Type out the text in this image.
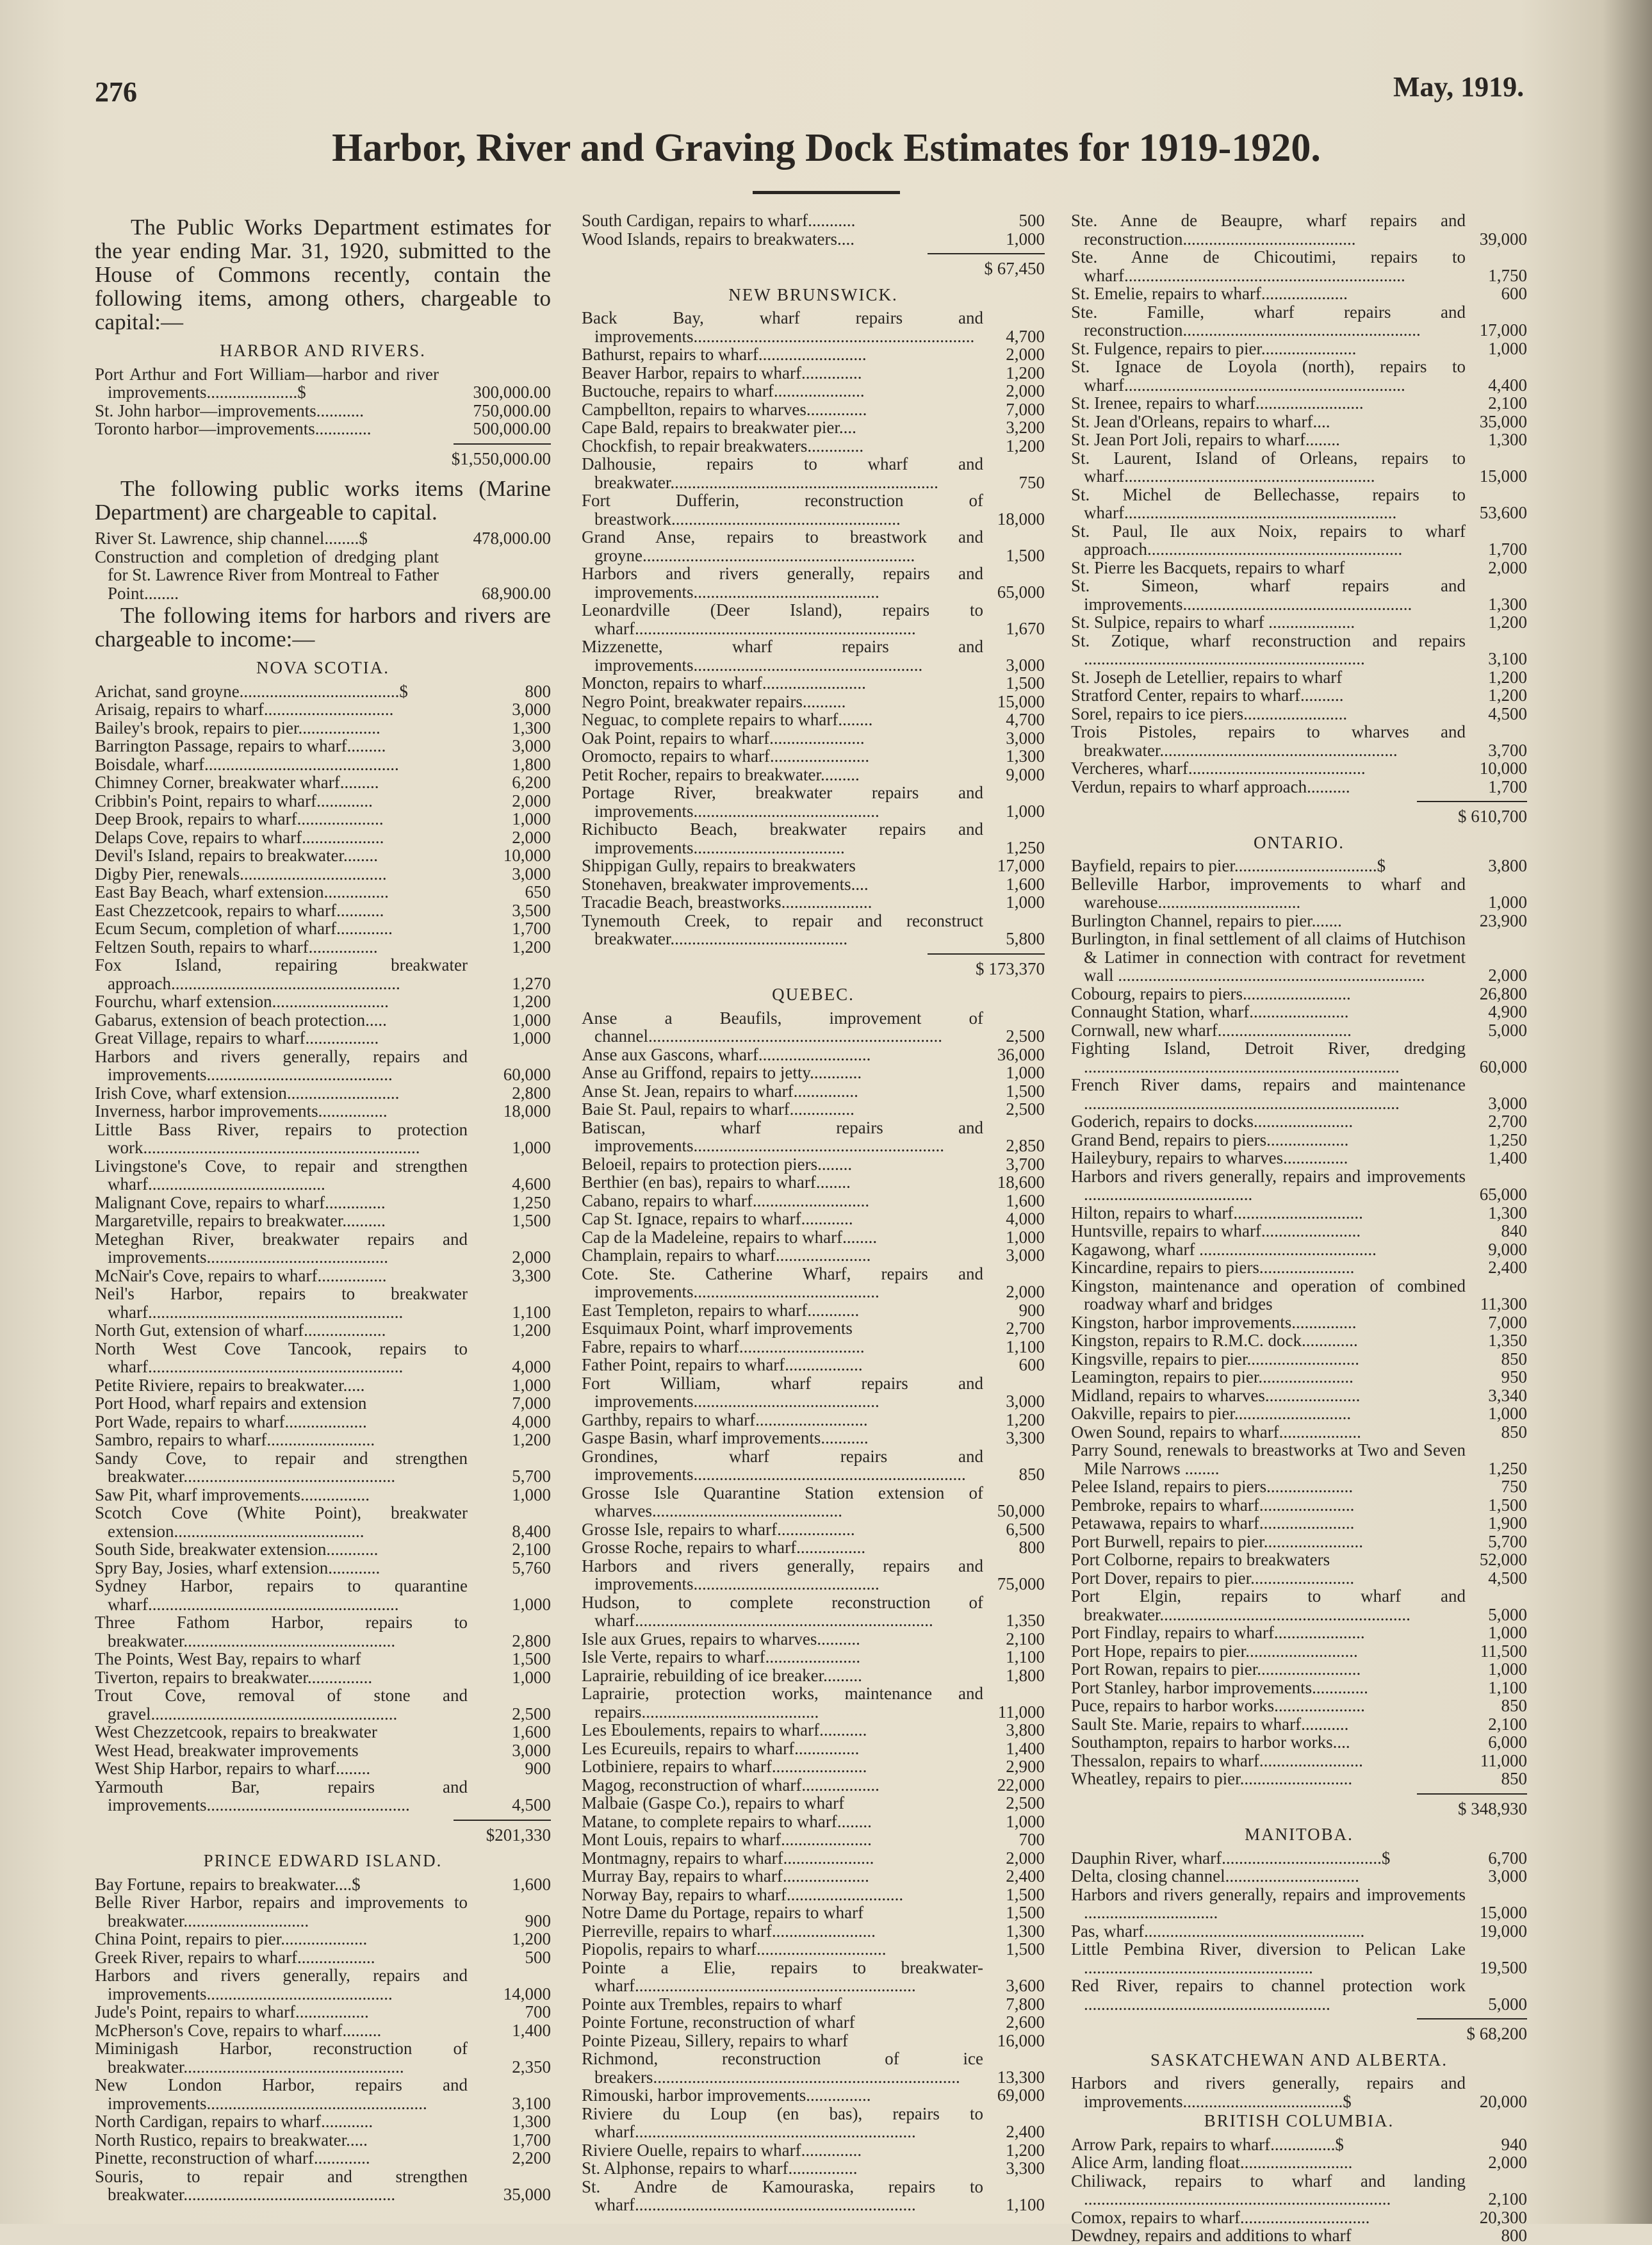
276	May, 1919.
Harbor, River and Graving Dock Estimates for 1919-1920.
The Public Works Department estimates for the year ending Mar. 31, 1920, submitted to the House of Commons recently, contain the following items, among others, chargeable to capital:—
HARBOR AND RIVERS.
Port Arthur and Fort William—harbor and river improvements.....................$	300,000.00
St. John harbor—improvements...........	750,000.00
Toronto harbor—improvements.............	500,000.00
$1,550,000.00
The following public works items (Marine Department) are chargeable to capital.
River St. Lawrence, ship channel........$	478,000.00
Construction and completion of dredging plant for St. Lawrence River from Montreal to Father Point........	68,900.00
The following items for harbors and rivers are chargeable to income:—
NOVA SCOTIA.
Arichat, sand groyne.....................................$	800
Arisaig, repairs to wharf..............................	3,000
Bailey's brook, repairs to pier...................	1,300
Barrington Passage, repairs to wharf.........	3,000
Boisdale, wharf.............................................	1,800
Chimney Corner, breakwater wharf.........	6,200
Cribbin's Point, repairs to wharf.............	2,000
Deep Brook, repairs to wharf....................	1,000
Delaps Cove, repairs to wharf...................	2,000
Devil's Island, repairs to breakwater........	10,000
Digby Pier, renewals..................................	3,000
East Bay Beach, wharf extension...............	650
East Chezzetcook, repairs to wharf...........	3,500
Ecum Secum, completion of wharf.............	1,700
Feltzen South, repairs to wharf................	1,200
Fox Island, repairing breakwater approach.....................................................	1,270
Fourchu, wharf extension...........................	1,200
Gabarus, extension of beach protection.....	1,000
Great Village, repairs to wharf.................	1,000
Harbors and rivers generally, repairs and improvements...........................................	60,000
Irish Cove, wharf extension..........................	2,800
Inverness, harbor improvements................	18,000
Little Bass River, repairs to protection work................................................................	1,000
Livingstone's Cove, to repair and strengthen wharf.........................................	4,600
Malignant Cove, repairs to wharf..............	1,250
Margaretville, repairs to breakwater..........	1,500
Meteghan River, breakwater repairs and improvements..........................................	2,000
McNair's Cove, repairs to wharf................	3,300
Neil's Harbor, repairs to breakwater wharf...........................................................	1,100
North Gut, extension of wharf...................	1,200
North West Cove Tancook, repairs to wharf...........................................................	4,000
Petite Riviere, repairs to breakwater.....	1,000
Port Hood, wharf repairs and extension	7,000
Port Wade, repairs to wharf...................	4,000
Sambro, repairs to wharf.........................	1,200
Sandy Cove, to repair and strengthen breakwater.................................................	5,700
Saw Pit, wharf improvements................	1,000
Scotch Cove (White Point), breakwater extension............................................	8,400
South Side, breakwater extension............	2,100
Spry Bay, Josies, wharf extension............	5,760
Sydney Harbor, repairs to quarantine wharf..........................................................	1,000
Three Fathom Harbor, repairs to breakwater.................................................	2,800
The Points, West Bay, repairs to wharf	1,500
Tiverton, repairs to breakwater...............	1,000
Trout Cove, removal of stone and gravel.........................................................	2,500
West Chezzetcook, repairs to breakwater	1,600
West Head, breakwater improvements	3,000
West Ship Harbor, repairs to wharf........	900
Yarmouth Bar, repairs and improvements...............................................	4,500
$201,330
PRINCE EDWARD ISLAND.
Bay Fortune, repairs to breakwater....$	1,600
Belle River Harbor, repairs and improvements to breakwater.............................	900
China Point, repairs to pier....................	1,200
Greek River, repairs to wharf..................	500
Harbors and rivers generally, repairs and improvements...........................................	14,000
Jude's Point, repairs to wharf.................	700
McPherson's Cove, repairs to wharf.........	1,400
Miminigash Harbor, reconstruction of breakwater...................................................	2,350
New London Harbor, repairs and improvements...................................................	3,100
North Cardigan, repairs to wharf............	1,300
North Rustico, repairs to breakwater.....	1,700
Pinette, reconstruction of wharf.............	2,200
Souris, to repair and strengthen breakwater.................................................	35,000
South Cardigan, repairs to wharf...........	500
Wood Islands, repairs to breakwaters....	1,000
$ 67,450
NEW BRUNSWICK.
Back Bay, wharf repairs and improvements.................................................................	4,700
Bathurst, repairs to wharf.........................	2,000
Beaver Harbor, repairs to wharf..............	1,200
Buctouche, repairs to wharf.....................	2,000
Campbellton, repairs to wharves..............	7,000
Cape Bald, repairs to breakwater pier....	3,200
Chockfish, to repair breakwaters.............	1,200
Dalhousie, repairs to wharf and breakwater..............................................................	750
Fort Dufferin, reconstruction of breastwork.....................................................	18,000
Grand Anse, repairs to breastwork and groyne...............................................................	1,500
Harbors and rivers generally, repairs and improvements...........................................	65,000
Leonardville (Deer Island), repairs to wharf.................................................................	1,670
Mizzenette, wharf repairs and improvements.....................................................	3,000
Moncton, repairs to wharf........................	1,500
Negro Point, breakwater repairs..........	15,000
Neguac, to complete repairs to wharf........	4,700
Oak Point, repairs to wharf......................	3,000
Oromocto, repairs to wharf.......................	1,300
Petit Rocher, repairs to breakwater.........	9,000
Portage River, breakwater repairs and improvements...........................................	1,000
Richibucto Beach, breakwater repairs and improvements...................................	1,250
Shippigan Gully, repairs to breakwaters	17,000
Stonehaven, breakwater improvements....	1,600
Tracadie Beach, breastworks.....................	1,000
Tynemouth Creek, to repair and reconstruct breakwater.........................................	5,800
$ 173,370
QUEBEC.
Anse a Beaufils, improvement of channel....................................................................	2,500
Anse aux Gascons, wharf..........................	36,000
Anse au Griffond, repairs to jetty............	1,000
Anse St. Jean, repairs to wharf...............	1,500
Baie St. Paul, repairs to wharf...............	2,500
Batiscan, wharf repairs and improvements..........................................................	2,850
Beloeil, repairs to protection piers........	3,700
Berthier (en bas), repairs to wharf........	18,600
Cabano, repairs to wharf...........................	1,600
Cap St. Ignace, repairs to wharf............	4,000
Cap de la Madeleine, repairs to wharf........	1,000
Champlain, repairs to wharf......................	3,000
Cote. Ste. Catherine Wharf, repairs and improvements...........................................	2,000
East Templeton, repairs to wharf............	900
Esquimaux Point, wharf improvements	2,700
Fabre, repairs to wharf.............................	1,100
Father Point, repairs to wharf..................	600
Fort William, wharf repairs and improvements...........................................	3,000
Garthby, repairs to wharf..........................	1,200
Gaspe Basin, wharf improvements...........	3,300
Grondines, wharf repairs and improvements...............................................................	850
Grosse Isle Quarantine Station extension of wharves............................................	50,000
Grosse Isle, repairs to wharf..................	6,500
Grosse Roche, repairs to wharf................	800
Harbors and rivers generally, repairs and improvements...........................................	75,000
Hudson, to complete reconstruction of wharf.....................................................................	1,350
Isle aux Grues, repairs to wharves..........	2,100
Isle Verte, repairs to wharf......................	1,100
Laprairie, rebuilding of ice breaker.........	1,800
Laprairie, protection works, maintenance and repairs.........................................	11,000
Les Eboulements, repairs to wharf...........	3,800
Les Ecureuils, repairs to wharf...............	1,400
Lotbiniere, repairs to wharf......................	2,900
Magog, reconstruction of wharf..................	22,000
Malbaie (Gaspe Co.), repairs to wharf	2,500
Matane, to complete repairs to wharf........	1,000
Mont Louis, repairs to wharf.....................	700
Montmagny, repairs to wharf.....................	2,000
Murray Bay, repairs to wharf....................	2,400
Norway Bay, repairs to wharf...........................	1,500
Notre Dame du Portage, repairs to wharf	1,500
Pierreville, repairs to wharf........................	1,300
Piopolis, repairs to wharf..............................	1,500
Pointe a Elie, repairs to breakwater-wharf.................................................................	3,600
Pointe aux Trembles, repairs to wharf	7,800
Pointe Fortune, reconstruction of wharf	2,600
Pointe Pizeau, Sillery, repairs to wharf	16,000
Richmond, reconstruction of ice breakers.......................................................................	13,300
Rimouski, harbor improvements...............	69,000
Riviere du Loup (en bas), repairs to wharf.................................................................	2,400
Riviere Ouelle, repairs to wharf..............	1,200
St. Alphonse, repairs to wharf................	3,300
St. Andre de Kamouraska, repairs to wharf.................................................................	1,100
Ste. Anne de Beaupre, wharf repairs and reconstruction........................................	39,000
Ste. Anne de Chicoutimi, repairs to wharf.................................................................	1,750
St. Emelie, repairs to wharf....................	600
Ste. Famille, wharf repairs and reconstruction.......................................................	17,000
St. Fulgence, repairs to pier......................	1,000
St. Ignace de Loyola (north), repairs to wharf.................................................................	4,400
St. Irenee, repairs to wharf.........................	2,100
St. Jean d'Orleans, repairs to wharf....	35,000
St. Jean Port Joli, repairs to wharf........	1,300
St. Laurent, Island of Orleans, repairs to wharf..........................................................	15,000
St. Michel de Bellechasse, repairs to wharf...............................................................	53,600
St. Paul, Ile aux Noix, repairs to wharf approach...........................................................	1,700
St. Pierre les Bacquets, repairs to wharf	2,000
St. Simeon, wharf repairs and improvements.....................................................	1,300
St. Sulpice, repairs to wharf ....................	1,200
St. Zotique, wharf reconstruction and repairs .................................................................	3,100
St. Joseph de Letellier, repairs to wharf	1,200
Stratford Center, repairs to wharf..........	1,200
Sorel, repairs to ice piers........................	4,500
Trois Pistoles, repairs to wharves and breakwater.......................................................	3,700
Vercheres, wharf.........................................	10,000
Verdun, repairs to wharf approach..........	1,700
$ 610,700
ONTARIO.
Bayfield, repairs to pier.................................$	3,800
Belleville Harbor, improvements to wharf and warehouse.................................	1,000
Burlington Channel, repairs to pier.......	23,900
Burlington, in final settlement of all claims of Hutchison & Latimer in connection with contract for revetment wall .......................................................................	2,000
Cobourg, repairs to piers.........................	26,800
Connaught Station, wharf.......................	4,900
Cornwall, new wharf...............................	5,000
Fighting Island, Detroit River, dredging .........................................................................	60,000
French River dams, repairs and maintenance .........................................................................	3,000
Goderich, repairs to docks.......................	2,700
Grand Bend, repairs to piers...................	1,250
Haileybury, repairs to wharves...............	1,400
Harbors and rivers generally, repairs and improvements .......................................	65,000
Hilton, repairs to wharf..............................	1,300
Huntsville, repairs to wharf.......................	840
Kagawong, wharf .........................................	9,000
Kincardine, repairs to piers......................	2,400
Kingston, maintenance and operation of combined roadway wharf and bridges	11,300
Kingston, harbor improvements...............	7,000
Kingston, repairs to R.M.C. dock.............	1,350
Kingsville, repairs to pier..........................	850
Leamington, repairs to pier......................	950
Midland, repairs to wharves......................	3,340
Oakville, repairs to pier...........................	1,000
Owen Sound, repairs to wharf...................	850
Parry Sound, renewals to breastworks at Two and Seven Mile Narrows ........	1,250
Pelee Island, repairs to piers....................	750
Pembroke, repairs to wharf......................	1,500
Petawawa, repairs to wharf......................	1,900
Port Burwell, repairs to pier.......................	5,700
Port Colborne, repairs to breakwaters	52,000
Port Dover, repairs to pier........................	4,500
Port Elgin, repairs to wharf and breakwater..........................................................	5,000
Port Findlay, repairs to wharf.....................	1,000
Port Hope, repairs to pier..........................	11,500
Port Rowan, repairs to pier........................	1,000
Port Stanley, harbor improvements.............	1,100
Puce, repairs to harbor works.....................	850
Sault Ste. Marie, repairs to wharf...........	2,100
Southampton, repairs to harbor works....	6,000
Thessalon, repairs to wharf........................	11,000
Wheatley, repairs to pier..........................	850
$ 348,930
MANITOBA.
Dauphin River, wharf.....................................$	6,700
Delta, closing channel...............................	3,000
Harbors and rivers generally, repairs and improvements ...............................	15,000
Pas, wharf...................................................	19,000
Little Pembina River, diversion to Pelican Lake .....................................................	19,500
Red River, repairs to channel protection work .........................................................	5,000
$ 68,200
SASKATCHEWAN AND ALBERTA.
Harbors and rivers generally, repairs and improvements.....................................$	20,000
BRITISH COLUMBIA.
Arrow Park, repairs to wharf...............$	940
Alice Arm, landing float..........................	2,000
Chiliwack, repairs to wharf and landing .......................................................................	2,100
Comox, repairs to wharf..............................	20,300
Dewdney, repairs and additions to wharf	800
